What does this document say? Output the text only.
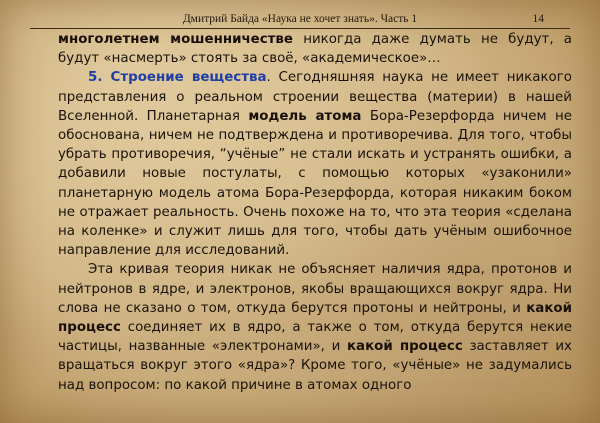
Дмитрий Байда «Наука не хочет знать». Часть 1	14

многолетнем мошенничестве никогда даже думать не будут, а будут «насмерть» стоять за своё, «академическое»…

5. Строение вещества. Сегодняшняя наука не имеет никакого представления о реальном строении вещества (материи) в нашей Вселенной. Планетарная модель атома Бора-Резерфорда ничем не обоснована, ничем не подтверждена и противоречива. Для того, чтобы убрать противоречия, “учёные” не стали искать и устранять ошибки, а добавили новые постулаты, с помощью которых «узаконили» планетарную модель атома Бора-Резерфорда, которая никаким боком не отражает реальность. Очень похоже на то, что эта теория «сделана на коленке» и служит лишь для того, чтобы дать учёным ошибочное направление для исследований.

Эта кривая теория никак не объясняет наличия ядра, протонов и нейтронов в ядре, и электронов, якобы вращающихся вокруг ядра. Ни слова не сказано о том, откуда берутся протоны и нейтроны, и какой процесс соединяет их в ядро, а также о том, откуда берутся некие частицы, названные «электронами», и какой процесс заставляет их вращаться вокруг этого «ядра»? Кроме того, «учёные» не задумались над вопросом: по какой причине в атомах одного
